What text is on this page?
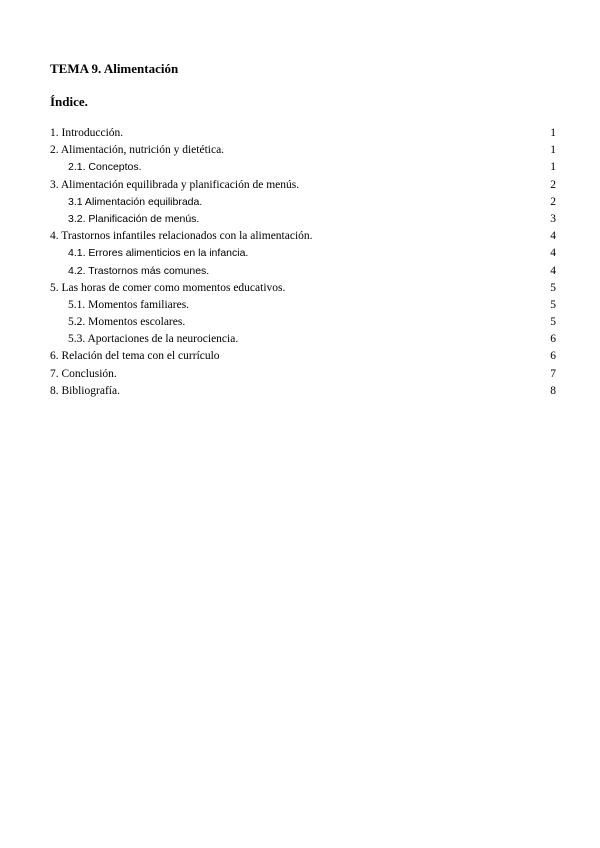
TEMA 9. Alimentación
Índice.
1. Introducción.	1
2. Alimentación, nutrición y dietética.	1
2.1. Conceptos.	1
3. Alimentación equilibrada y planificación de menús.	2
3.1 Alimentación equilibrada.	2
3.2. Planificación de menús.	3
4. Trastornos infantiles relacionados con la alimentación.	4
4.1. Errores alimenticios en la infancia.	4
4.2. Trastornos más comunes.	4
5. Las horas de comer como momentos educativos.	5
5.1. Momentos familiares.	5
5.2. Momentos escolares.	5
5.3. Aportaciones de la neurociencia.	6
6. Relación del tema con el currículo	6
7. Conclusión.	7
8. Bibliografía.	8
